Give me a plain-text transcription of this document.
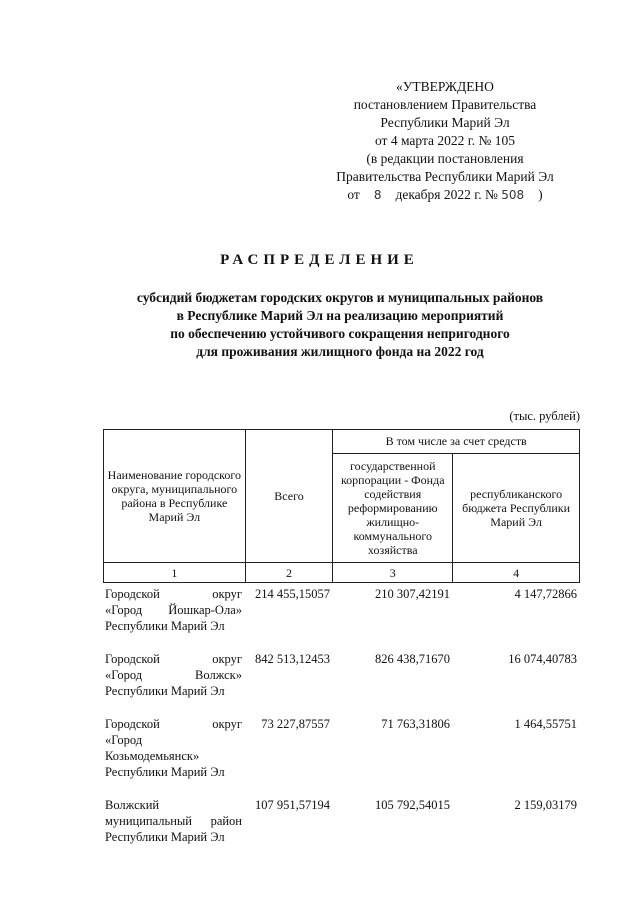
«УТВЕРЖДЕНО
постановлением Правительства
Республики Марий Эл
от 4 марта 2022 г. № 105
(в редакции постановления
Правительства Республики Марий Эл
от 8 декабря 2022 г. № 508 )
РАСПРЕДЕЛЕНИЕ
субсидий бюджетам городских округов и муниципальных районов
в Республике Марий Эл на реализацию мероприятий
по обеспечению устойчивого сокращения непригодного
для проживания жилищного фонда на 2022 год
(тыс. рублей)
Наименование городского округа, муниципального района в Республике Марий Эл	Всего	В том числе за счет средств	
		государственной корпорации - Фонда содействия реформированию жилищно-коммунального хозяйства	республиканского бюджета Республики Марий Эл
1	2	3	4
Городской округ
«Город Йошкар-Ола»
Республики Марий Эл	214 455,15057	210 307,42191	4 147,72866

Городской округ
«Город Волжск»
Республики Марий Эл	842 513,12453	826 438,71670	16 074,40783

Городской округ
«Город
Козьмодемьянск»
Республики Марий Эл	73 227,87557	71 763,31806	1 464,55751

Волжский
муниципальный район
Республики Марий Эл	107 951,57194	105 792,54015	2 159,03179
